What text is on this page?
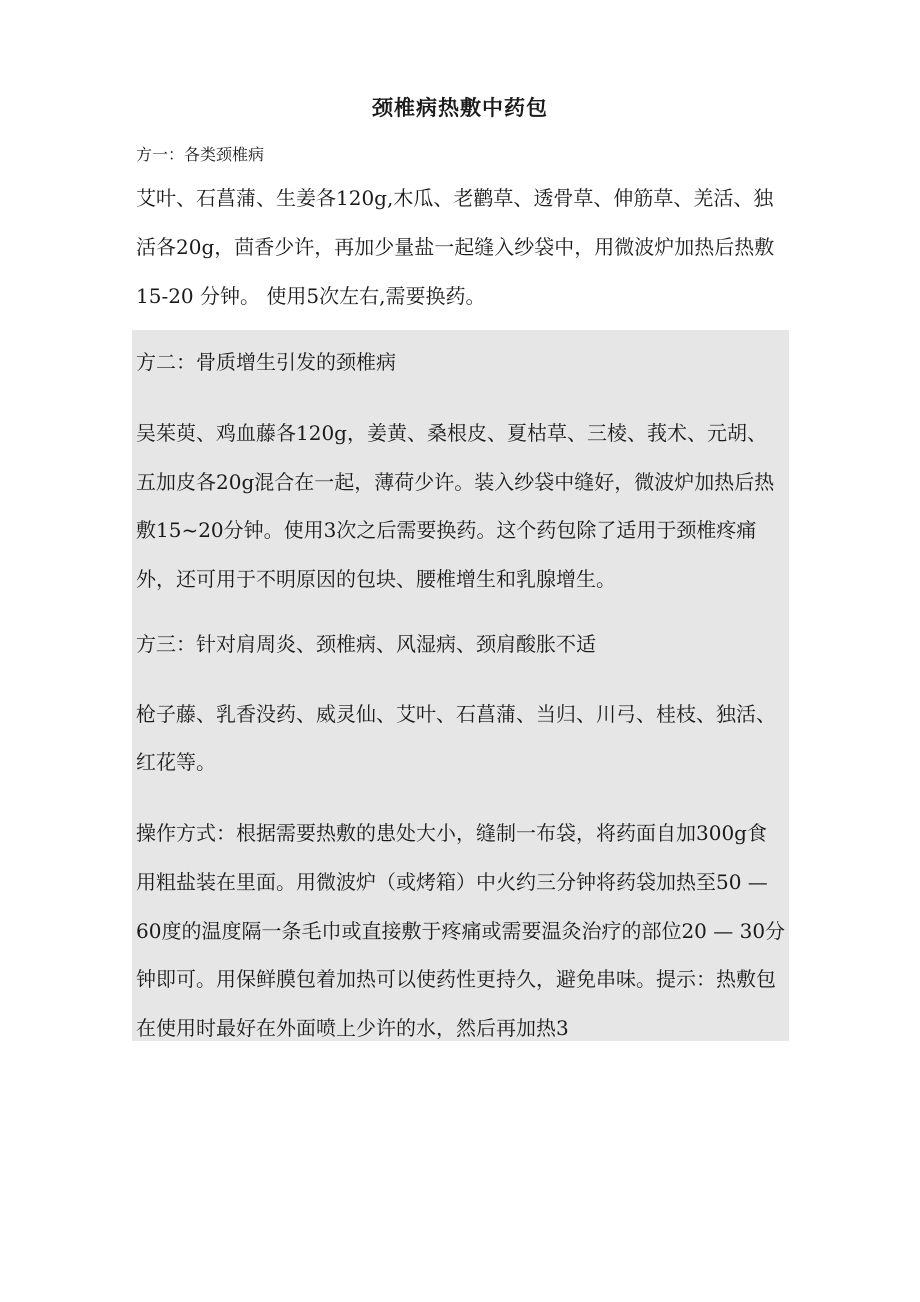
颈椎病热敷中药包
方一：各类颈椎病

艾叶、石菖蒲、生姜各120g,木瓜、老鹳草、透骨草、伸筋草、羌活、独活各20g，茴香少许，再加少量盐一起缝入纱袋中，用微波炉加热后热敷15-20 分钟。 使用5次左右,需要换药。

方二：骨质增生引发的颈椎病

吴茱萸、鸡血藤各120g，姜黄、桑根皮、夏枯草、三棱、莪术、元胡、五加皮各20g混合在一起，薄荷少许。装入纱袋中缝好，微波炉加热后热敷15~20分钟。使用3次之后需要换药。这个药包除了适用于颈椎疼痛外，还可用于不明原因的包块、腰椎增生和乳腺增生。

方三：针对肩周炎、颈椎病、风湿病、颈肩酸胀不适

枪子藤、乳香没药、威灵仙、艾叶、石菖蒲、当归、川弓、桂枝、独活、红花等。

操作方式：根据需要热敷的患处大小，缝制一布袋，将药面自加300g食用粗盐装在里面。用微波炉（或烤箱）中火约三分钟将药袋加热至50 — 60度的温度隔一条毛巾或直接敷于疼痛或需要温灸治疗的部位20 — 30分钟即可。用保鲜膜包着加热可以使药性更持久，避免串味。提示：热敷包在使用时最好在外面喷上少许的水，然后再加热3
